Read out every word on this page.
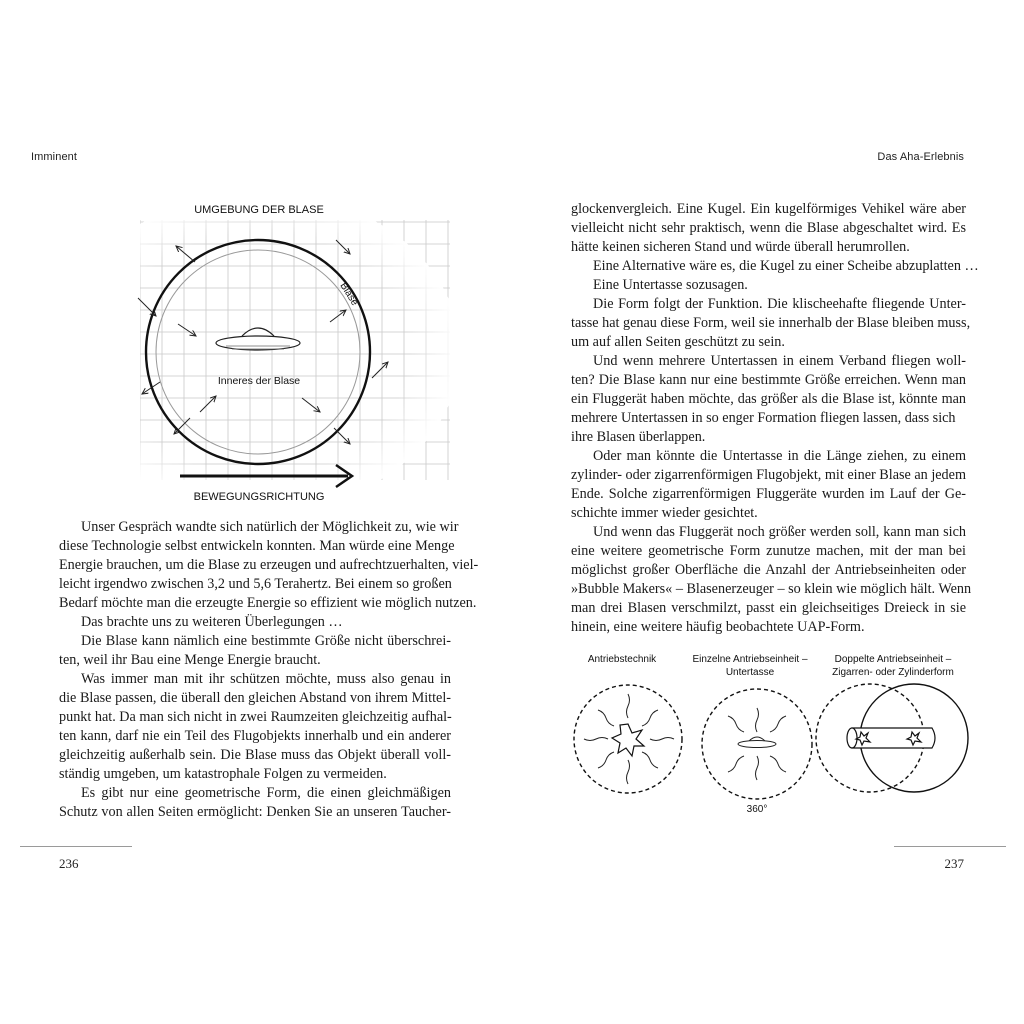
Imminent
UMGEBUNG DER BLASE
Blase
Inneres der Blase
BEWEGUNGSRICHTUNG
Unser Gespräch wandte sich natürlich der Möglichkeit zu, wie wir
diese Technologie selbst entwickeln konnten. Man würde eine Menge
Energie brauchen, um die Blase zu erzeugen und aufrechtzuerhalten, viel-
leicht irgendwo zwischen 3,2 und 5,6 Terahertz. Bei einem so großen
Bedarf möchte man die erzeugte Energie so effizient wie möglich nutzen.
Das brachte uns zu weiteren Überlegungen …
Die Blase kann nämlich eine bestimmte Größe nicht überschrei-
ten, weil ihr Bau eine Menge Energie braucht.
Was immer man mit ihr schützen möchte, muss also genau in
die Blase passen, die überall den gleichen Abstand von ihrem Mittel-
punkt hat. Da man sich nicht in zwei Raumzeiten gleichzeitig aufhal-
ten kann, darf nie ein Teil des Flugobjekts innerhalb und ein anderer
gleichzeitig außerhalb sein. Die Blase muss das Objekt überall voll-
ständig umgeben, um katastrophale Folgen zu vermeiden.
Es gibt nur eine geometrische Form, die einen gleichmäßigen
Schutz von allen Seiten ermöglicht: Denken Sie an unseren Taucher-
236
Das Aha-Erlebnis
glockenvergleich. Eine Kugel. Ein kugelförmiges Vehikel wäre aber
vielleicht nicht sehr praktisch, wenn die Blase abgeschaltet wird. Es
hätte keinen sicheren Stand und würde überall herumrollen.
Eine Alternative wäre es, die Kugel zu einer Scheibe abzuplatten …
Eine Untertasse sozusagen.
Die Form folgt der Funktion. Die klischeehafte fliegende Unter-
tasse hat genau diese Form, weil sie innerhalb der Blase bleiben muss,
um auf allen Seiten geschützt zu sein.
Und wenn mehrere Untertassen in einem Verband fliegen woll-
ten? Die Blase kann nur eine bestimmte Größe erreichen. Wenn man
ein Fluggerät haben möchte, das größer als die Blase ist, könnte man
mehrere Untertassen in so enger Formation fliegen lassen, dass sich
ihre Blasen überlappen.
Oder man könnte die Untertasse in die Länge ziehen, zu einem
zylinder- oder zigarrenförmigen Flugobjekt, mit einer Blase an jedem
Ende. Solche zigarrenförmigen Fluggeräte wurden im Lauf der Ge-
schichte immer wieder gesichtet.
Und wenn das Fluggerät noch größer werden soll, kann man sich
eine weitere geometrische Form zunutze machen, mit der man bei
möglichst großer Oberfläche die Anzahl der Antriebseinheiten oder
»Bubble Makers« – Blasenerzeuger – so klein wie möglich hält. Wenn
man drei Blasen verschmilzt, passt ein gleichseitiges Dreieck in sie
hinein, eine weitere häufig beobachtete UAP-Form.
Antriebstechnik	Einzelne Antriebseinheit –
Untertasse
Doppelte Antriebseinheit –
Zigarren- oder Zylinderform
360°
237
